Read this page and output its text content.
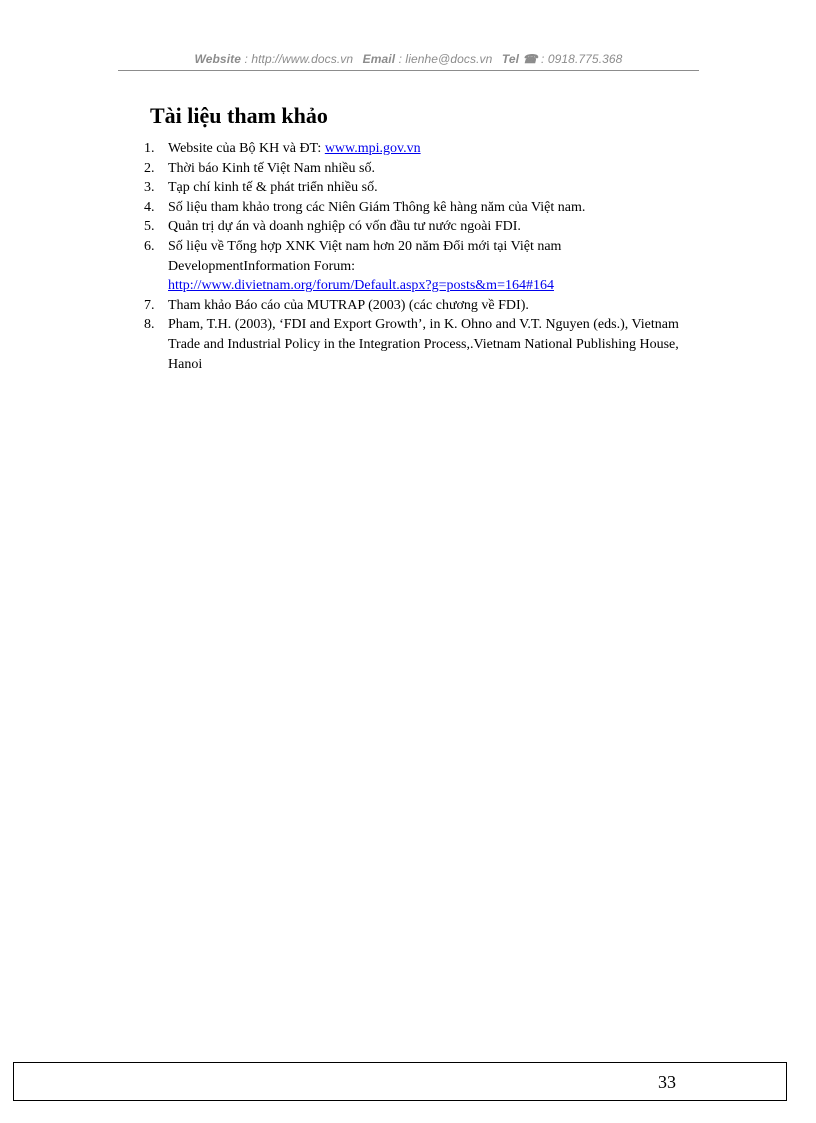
Website : http://www.docs.vn Email : lienhe@docs.vn Tel ☎ : 0918.775.368
Tài liệu tham khảo
1. Website của Bộ KH và ĐT: www.mpi.gov.vn
2. Thời báo Kinh tế Việt Nam nhiều số.
3. Tạp chí kinh tế & phát triển nhiều số.
4. Số liệu tham khảo trong các Niên Giám Thông kê hàng năm của Việt nam.
5. Quản trị dự án và doanh nghiệp có vốn đầu tư nước ngoài FDI.
6. Số liệu về Tổng hợp XNK Việt nam hơn 20 năm Đổi mới tại Việt nam
DevelopmentInformation Forum:
http://www.divietnam.org/forum/Default.aspx?g=posts&m=164#164
7. Tham khảo Báo cáo của MUTRAP (2003) (các chương về FDI).
8. Pham, T.H. (2003), ‘FDI and Export Growth’, in K. Ohno and V.T. Nguyen (eds.), Vietnam Trade and Industrial Policy in the Integration Process,.Vietnam National Publishing House, Hanoi
33
